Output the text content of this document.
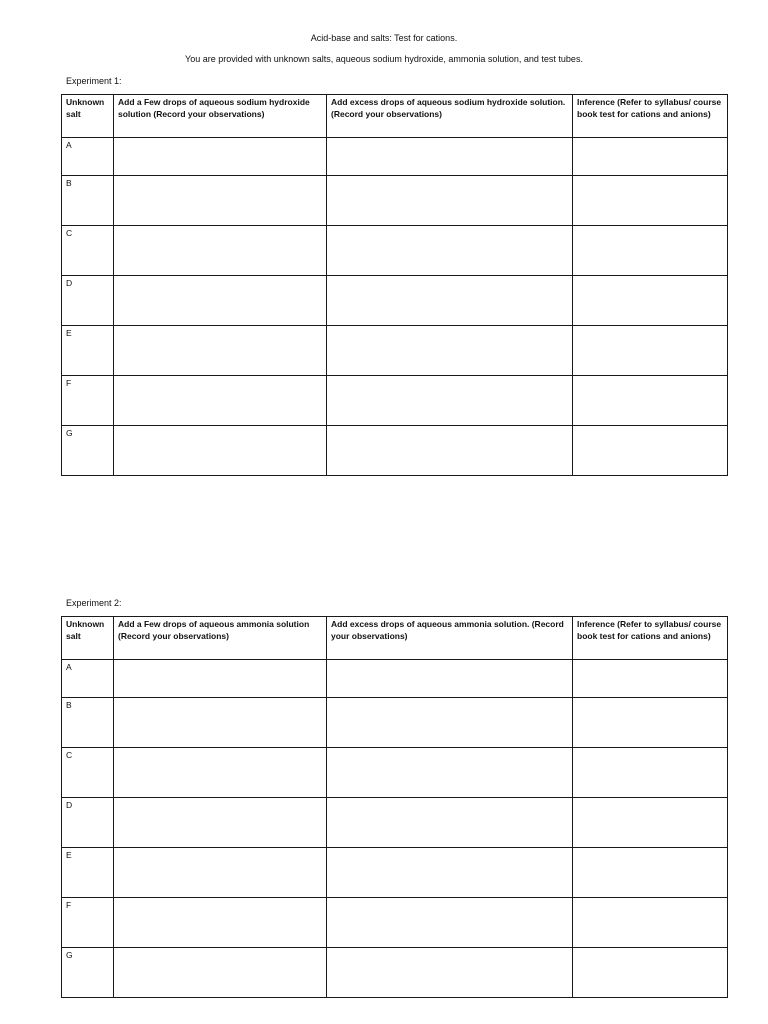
Acid-base and salts: Test for cations.

You are provided with unknown salts, aqueous sodium hydroxide, ammonia solution, and test tubes.

Experiment 1:

Unknown salt	Add a Few drops of aqueous sodium hydroxide solution (Record your observations)	Add excess drops of aqueous sodium hydroxide solution. (Record your observations)	Inference (Refer to syllabus/ course book test for cations and anions)
A			
B			
C			
D			
E			
F			
G			

Experiment 2:

Unknown salt	Add a Few drops of aqueous ammonia solution (Record your observations)	Add excess drops of aqueous ammonia solution. (Record your observations)	Inference (Refer to syllabus/ course book test for cations and anions)
A			
B			
C			
D			
E			
F			
G			
